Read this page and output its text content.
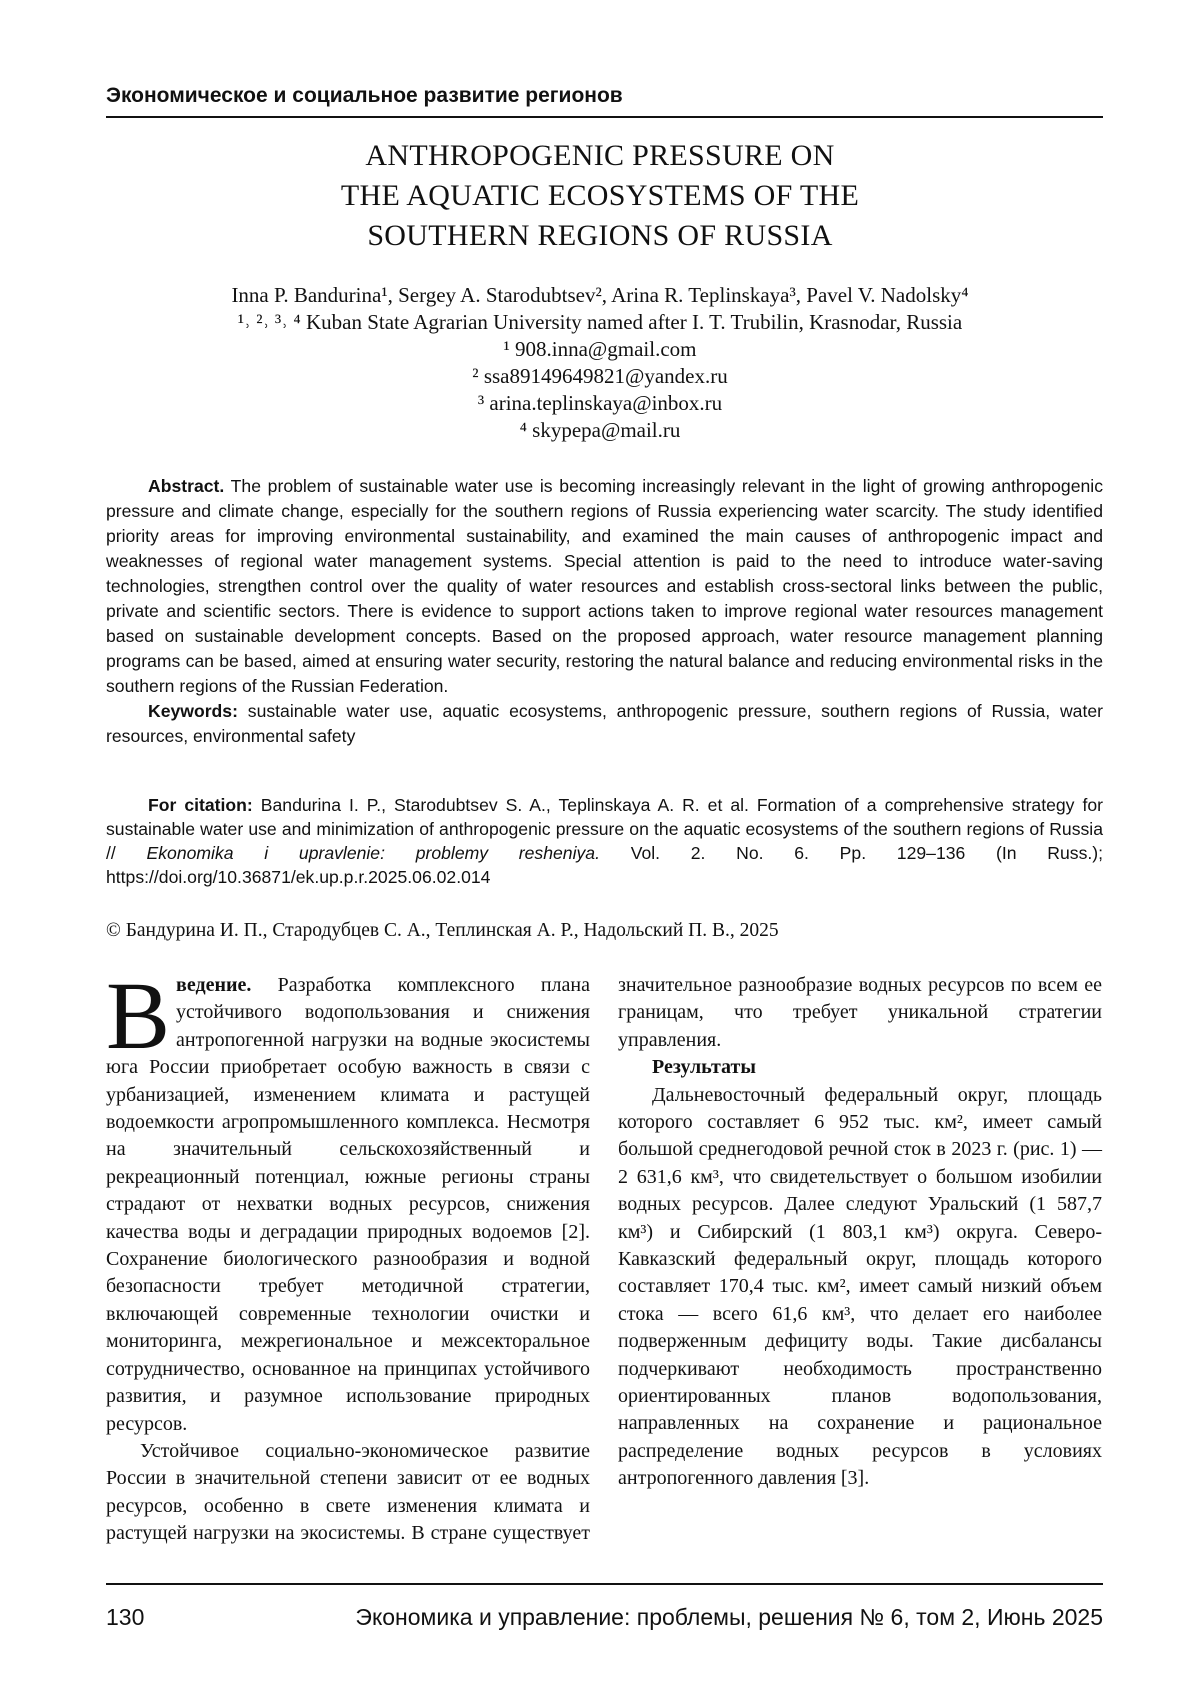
Экономическое и социальное развитие регионов
ANTHROPOGENIC PRESSURE ON
THE AQUATIC ECOSYSTEMS OF THE
SOUTHERN REGIONS OF RUSSIA
Inna P. Bandurina¹, Sergey A. Starodubtsev², Arina R. Teplinskaya³, Pavel V. Nadolsky⁴
¹˒ ²˒ ³˒ ⁴ Kuban State Agrarian University named after I. T. Trubilin, Krasnodar, Russia
¹ 908.inna@gmail.com
² ssa89149649821@yandex.ru
³ arina.teplinskaya@inbox.ru
⁴ skypepa@mail.ru

Abstract. The problem of sustainable water use is becoming increasingly relevant in the light of growing anthropogenic pressure and climate change, especially for the southern regions of Russia experiencing water scarcity. The study identified priority areas for improving environmental sustainability, and examined the main causes of anthropogenic impact and weaknesses of regional water management systems. Special attention is paid to the need to introduce water-saving technologies, strengthen control over the quality of water resources and establish cross-sectoral links between the public, private and scientific sectors. There is evidence to support actions taken to improve regional water resources management based on sustainable development concepts. Based on the proposed approach, water resource management planning programs can be based, aimed at ensuring water security, restoring the natural balance and reducing environmental risks in the southern regions of the Russian Federation.

Keywords: sustainable water use, aquatic ecosystems, anthropogenic pressure, southern regions of Russia, water resources, environmental safety

For citation: Bandurina I. P., Starodubtsev S. A., Teplinskaya A. R. et al. Formation of a comprehensive strategy for sustainable water use and minimization of anthropogenic pressure on the aquatic ecosystems of the southern regions of Russia // Ekonomika i upravlenie: problemy resheniya. Vol. 2. No. 6. Pp. 129–136 (In Russ.); https://doi.org/10.36871/ek.up.p.r.2025.06.02.014

© Бандурина И. П., Стародубцев С. А., Теплинская А. Р., Надольский П. В., 2025

В ведение. Разработка комплексного плана устойчивого водопользования и снижения антропогенной нагрузки на водные экосистемы юга России приобретает особую важность в связи с урбанизацией, изменением климата и растущей водоемкости агропромышленного комплекса. Несмотря на значительный сельскохозяйственный и рекреационный потенциал, южные регионы страны страдают от нехватки водных ресурсов, снижения качества воды и деградации природных водоемов [2]. Сохранение биологического разнообразия и водной безопасности требует методичной стратегии, включающей современные технологии очистки и мониторинга, межрегиональное и межсекторальное сотрудничество, основанное на принципах устойчивого развития, и разумное использование природных ресурсов.

Устойчивое социально-экономическое развитие России в значительной степени зависит от ее водных ресурсов, особенно в свете изменения климата и растущей нагрузки на экосистемы. В стране существует

значительное разнообразие водных ресурсов по всем ее границам, что требует уникальной стратегии управления.

Результаты

Дальневосточный федеральный округ, площадь которого составляет 6 952 тыс. км², имеет самый большой среднегодовой речной сток в 2023 г. (рис. 1) — 2 631,6 км³, что свидетельствует о большом изобилии водных ресурсов. Далее следуют Уральский (1 587,7 км³) и Сибирский (1 803,1 км³) округа. Северо-Кавказский федеральный округ, площадь которого составляет 170,4 тыс. км², имеет самый низкий объем стока — всего 61,6 км³, что делает его наиболее подверженным дефициту воды. Такие дисбалансы подчеркивают необходимость пространственно ориентированных планов водопользования, направленных на сохранение и рациональное распределение водных ресурсов в условиях антропогенного давления [3].

130	Экономика и управление: проблемы, решения № 6, том 2, Июнь 2025
